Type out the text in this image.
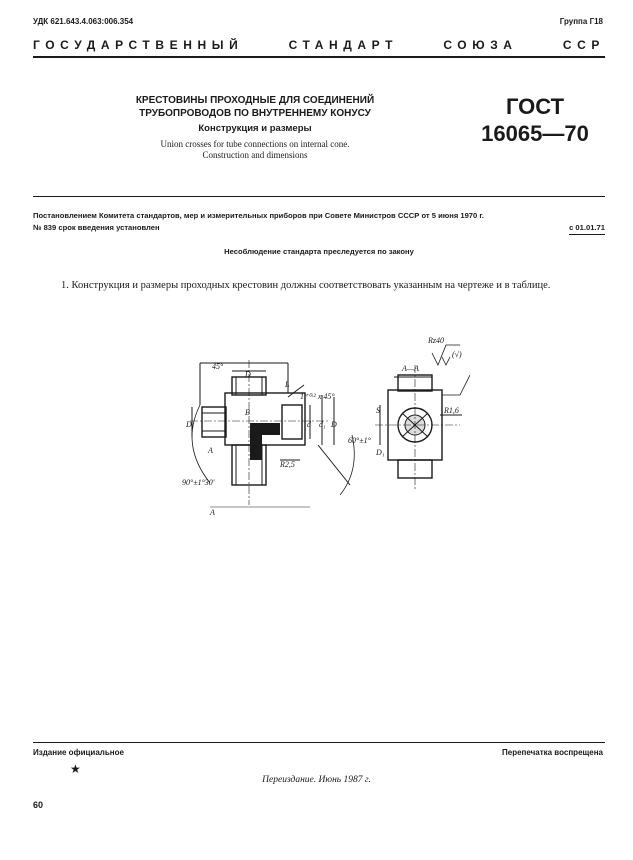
УДК 621.643.4.063:006.354	Группа Г18
ГОСУДАРСТВЕННЫЙ	СТАНДАРТ	СОЮЗА	ССР
КРЕСТОВИНЫ ПРОХОДНЫЕ ДЛЯ СОЕДИНЕНИЙ
ТРУБОПРОВОДОВ ПО ВНУТРЕННЕМУ КОНУСУ
Конструкция и размеры
Union crosses for tube connections on internal cone.
Construction and dimensions
ГОСТ
16065—70
Постановлением Комитета стандартов, мер и измерительных приборов при Совете Министров СССР от 5 июня 1970 г.
№ 839 срок введения установлен	с 01.01.71
Несоблюдение стандарта преследуется по закону
1. Конструкция и размеры проходных крестовин должны соответствовать указанным на чертеже и в таблице.
45°
D
L
1⁺⁰·² x 45°
В
d d₁ D
D
А
R2,5
90°±1°30'
60°±1°
Rz40
(√)
А—А
S	R1,6
D₁
А
Издание официальное
★
Перепечатка воспрещена
Переиздание. Июнь 1987 г.
60
